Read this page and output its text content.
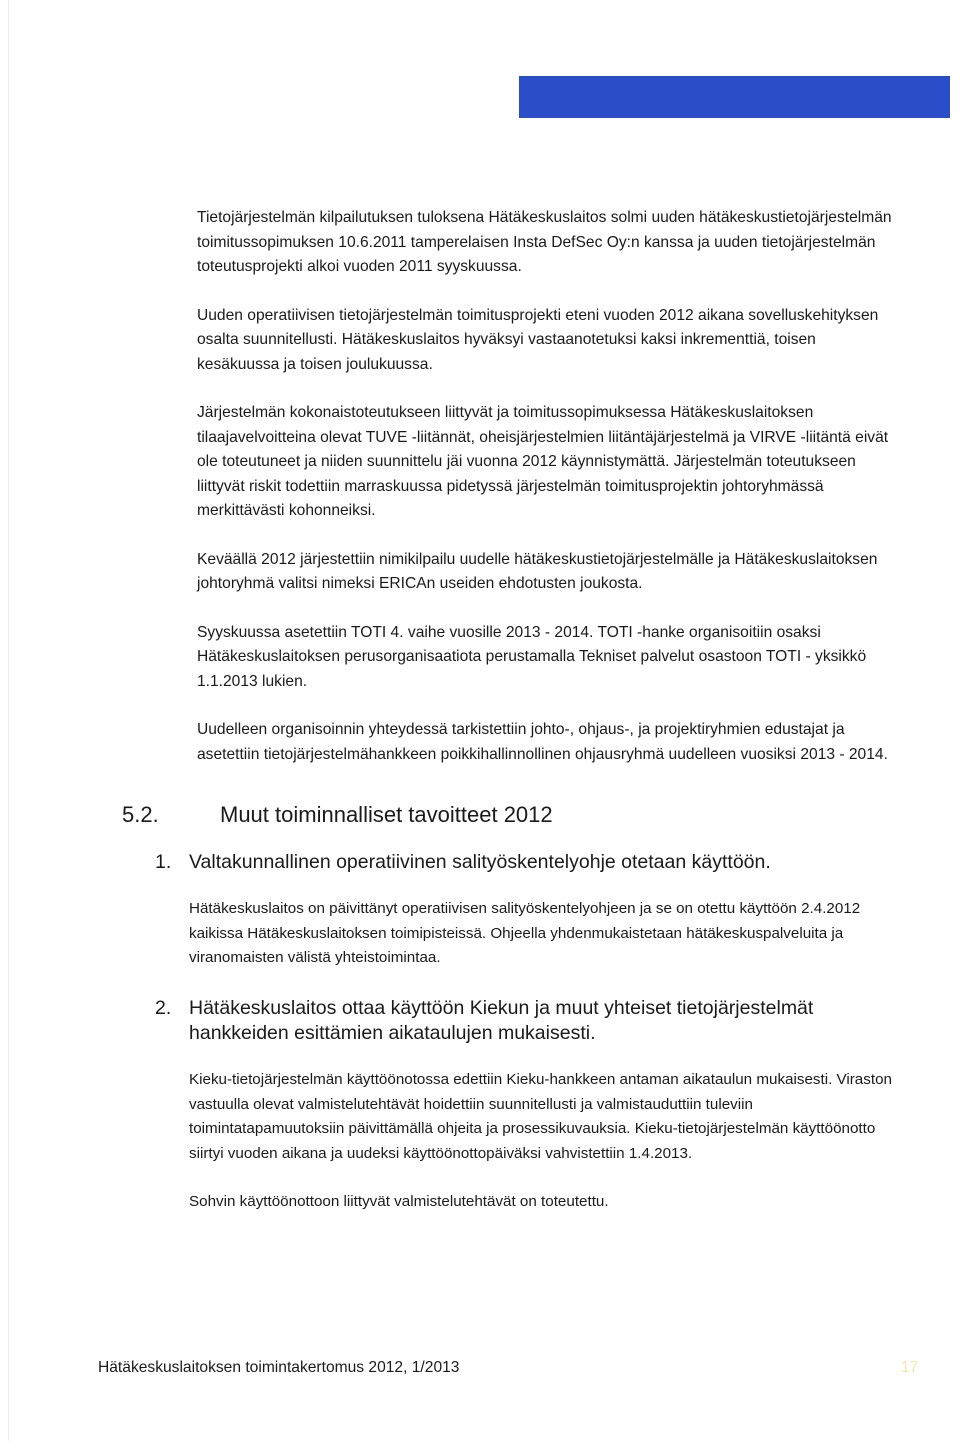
Tietojärjestelmän kilpailutuksen tuloksena Hätäkeskuslaitos solmi uuden hätäkeskustietojärjestelmän toimitussopimuksen 10.6.2011 tamperelaisen Insta DefSec Oy:n kanssa ja uuden tietojärjestelmän toteutusprojekti alkoi vuoden 2011 syyskuussa.

Uuden operatiivisen tietojärjestelmän toimitusprojekti eteni vuoden 2012 aikana sovelluskehityksen osalta suunnitellusti. Hätäkeskuslaitos hyväksyi vastaanotetuksi kaksi inkrementtiä, toisen kesäkuussa ja toisen joulukuussa.

Järjestelmän kokonaistoteutukseen liittyvät ja toimitussopimuksessa Hätäkeskuslaitoksen tilaajavelvoitteina olevat TUVE -liitännät, oheisjärjestelmien liitäntäjärjestelmä ja VIRVE -liitäntä eivät ole toteutuneet ja niiden suunnittelu jäi vuonna 2012 käynnistymättä. Järjestelmän toteutukseen liittyvät riskit todettiin marraskuussa pidetyssä järjestelmän toimitusprojektin johtoryhmässä merkittävästi kohonneiksi.

Keväällä 2012 järjestettiin nimikilpailu uudelle hätäkeskustietojärjestelmälle ja Hätäkeskuslaitoksen johtoryhmä valitsi nimeksi ERICAn useiden ehdotusten joukosta.

Syyskuussa asetettiin TOTI 4. vaihe vuosille 2013 - 2014. TOTI -hanke organisoitiin osaksi Hätäkeskuslaitoksen perusorganisaatiota perustamalla Tekniset palvelut osastoon TOTI - yksikkö 1.1.2013 lukien.

Uudelleen organisoinnin yhteydessä tarkistettiin johto-, ohjaus-, ja projektiryhmien edustajat ja asetettiin tietojärjestelmähankkeen poikkihallinnollinen ohjausryhmä uudelleen vuosiksi 2013 - 2014.

5.2.	Muut toiminnalliset tavoitteet 2012
1. Valtakunnallinen operatiivinen salityöskentelyohje otetaan käyttöön.

Hätäkeskuslaitos on päivittänyt operatiivisen salityöskentelyohjeen ja se on otettu käyttöön 2.4.2012 kaikissa Hätäkeskuslaitoksen toimipisteissä. Ohjeella yhdenmukaistetaan hätäkeskuspalveluita ja viranomaisten välistä yhteistoimintaa.

2. Hätäkeskuslaitos ottaa käyttöön Kiekun ja muut yhteiset tietojärjestelmät hankkeiden esittämien aikataulujen mukaisesti.

Kieku-tietojärjestelmän käyttöönotossa edettiin Kieku-hankkeen antaman aikataulun mukaisesti. Viraston vastuulla olevat valmistelutehtävät hoidettiin suunnitellusti ja valmistauduttiin tuleviin toimintatapamuutoksiin päivittämällä ohjeita ja prosessikuvauksia. Kieku-tietojärjestelmän käyttöönotto siirtyi vuoden aikana ja uudeksi käyttöönottopäiväksi vahvistettiin 1.4.2013.

Sohvin käyttöönottoon liittyvät valmistelutehtävät on toteutettu.

Hätäkeskuslaitoksen toimintakertomus 2012, 1/2013	17
